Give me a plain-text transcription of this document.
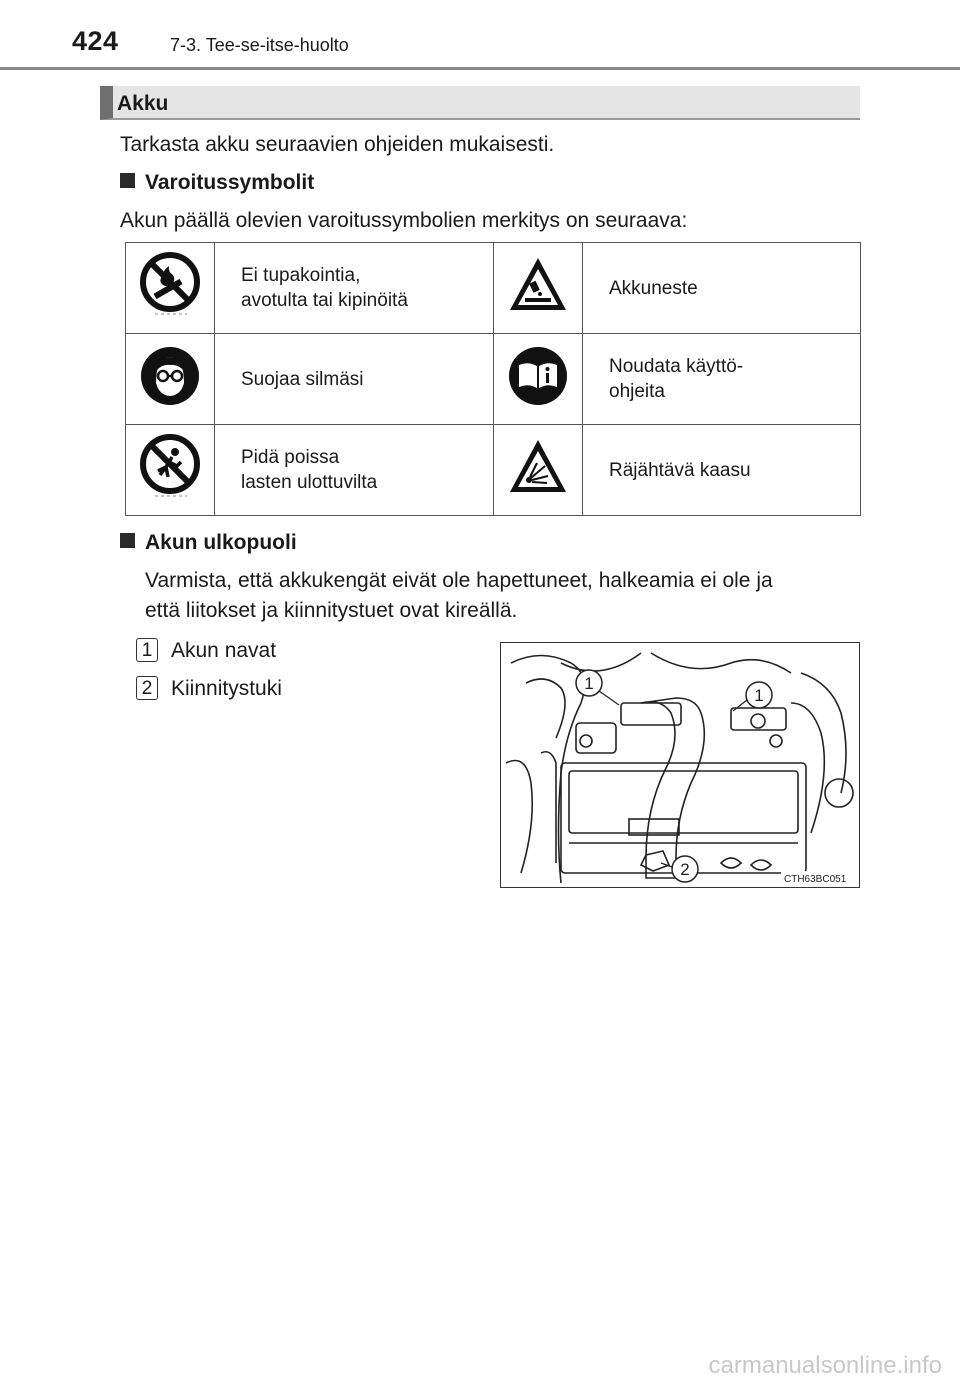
424	7-3. Tee-se-itse-huolto
Akku
Tarkasta akku seuraavien ohjeiden mukaisesti.
Varoitussymbolit
Akun päällä olevien varoitussymbolien merkitys on seuraava:

Ei tupakointia,
avotulta tai kipinöitä		Akkuneste

Suojaa silmäsi		Noudata käyttö-
ohjeita

Pidä poissa
lasten ulottuvilta		Räjähtävä kaasu
Akun ulkopuoli
Varmista, että akkukengät eivät ole hapettuneet, halkeamia ei ole ja
että liitokset ja kiinnitystuet ovat kireällä.
1 Akun navat
2 Kiinnitystuki	1
1
2
CTH63BC051
carmanualsonline.info
